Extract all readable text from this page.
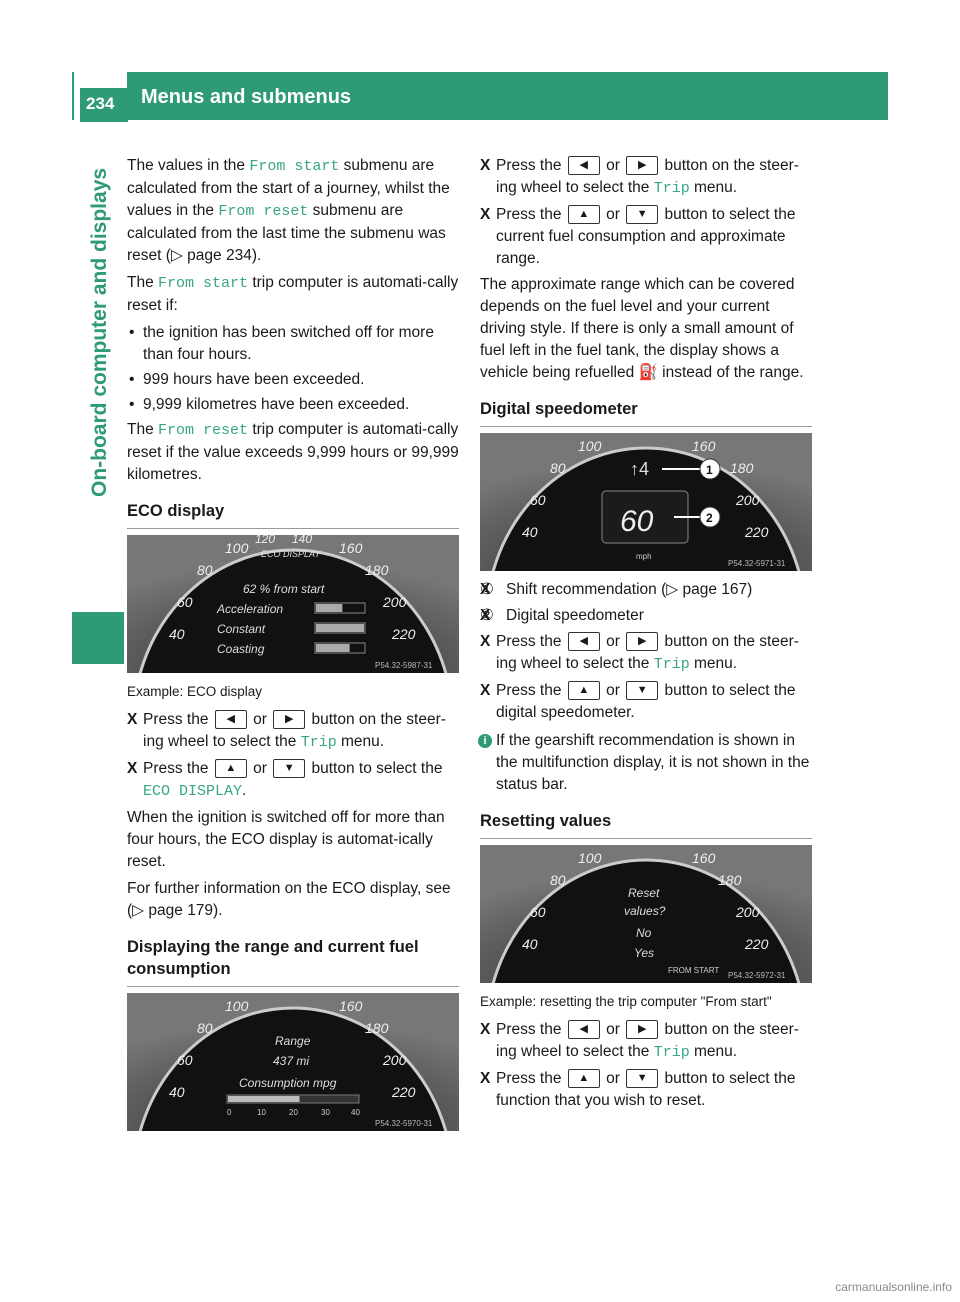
234	Menus and submenus
On-board computer and displays

The values in the From start submenu are calculated from the start of a journey, whilst the values in the From reset submenu are calculated from the last time the submenu was reset (▷ page 234).

The From start trip computer is automati-cally reset if:

• the ignition has been switched off for more than four hours.
• 999 hours have been exceeded.
• 9,999 kilometres have been exceeded.

The From reset trip computer is automati-cally reset if the value exceeds 9,999 hours or 99,999 kilometres.

ECO display
100
120 140
160
80	180
60	200
40	220
ECO DISPLAY
62 % from start
Acceleration
Constant
Coasting
P54.32-5987-31
Example: ECO display
X Press the ◀ or ▶ button on the steer-ing wheel to select the Trip menu.
X Press the ▲ or ▼ button to select the ECO DISPLAY.

When the ignition is switched off for more than four hours, the ECO display is automat-ically reset.

For further information on the ECO display, see (▷ page 179).

Displaying the range and current fuel consumption
100	160
80	180
60	200
40	220
Range
437 mi
Consumption mpg
0	10	20	30	40
P54.32-5970-31
X Press the ◀ or ▶ button on the steer-ing wheel to select the Trip menu.
X Press the ▲ or ▼ button to select the current fuel consumption and approximate range.

The approximate range which can be covered depends on the fuel level and your current driving style. If there is only a small amount of fuel left in the fuel tank, the display shows a vehicle being refuelled ⛽ instead of the range.

Digital speedometer
100	160
80	180
60	200
40	220
↑4	1
60	2
mph
P54.32-5971-31
X ① Shift recommendation (▷ page 167)
X ② Digital speedometer
X Press the ◀ or ▶ button on the steer-ing wheel to select the Trip menu.
X Press the ▲ or ▼ button to select the digital speedometer.

i If the gearshift recommendation is shown in the multifunction display, it is not shown in the status bar.

Resetting values
100	160
80	180
60	200
40	220
Reset
values?
No
Yes
FROM START
P54.32-5972-31
Example: resetting the trip computer "From start"
X Press the ◀ or ▶ button on the steer-ing wheel to select the Trip menu.
X Press the ▲ or ▼ button to select the function that you wish to reset.
carmanualsonline.info
